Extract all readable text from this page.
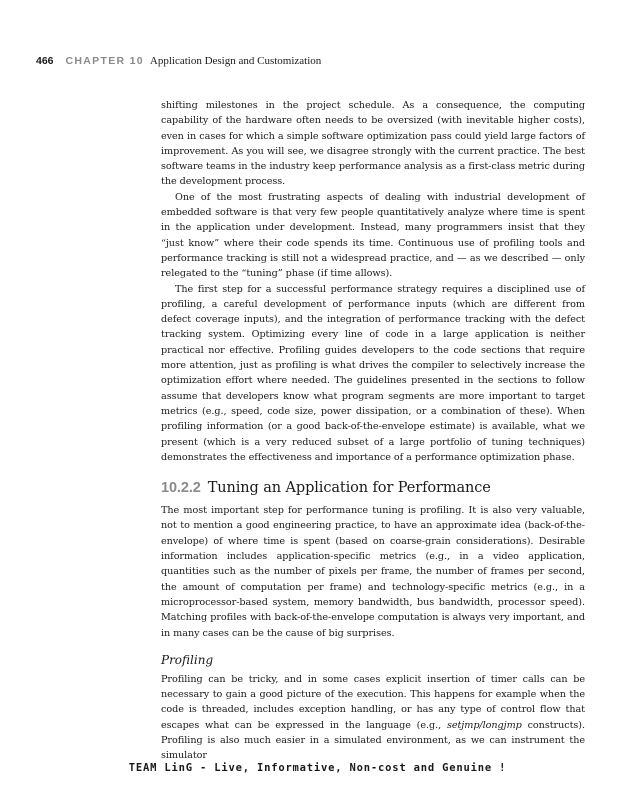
466 CHAPTER 10 Application Design and Customization

shifting milestones in the project schedule. As a consequence, the computing capability of the hardware often needs to be oversized (with inevitable higher costs), even in cases for which a simple software optimization pass could yield large factors of improvement. As you will see, we disagree strongly with the current practice. The best software teams in the industry keep performance analysis as a first-class metric during the development process.

One of the most frustrating aspects of dealing with industrial development of embedded software is that very few people quantitatively analyze where time is spent in the application under development. Instead, many programmers insist that they “just know” where their code spends its time. Continuous use of profiling tools and performance tracking is still not a widespread practice, and — as we described — only relegated to the “tuning” phase (if time allows).

The first step for a successful performance strategy requires a disciplined use of profiling, a careful development of performance inputs (which are different from defect coverage inputs), and the integration of performance tracking with the defect tracking system. Optimizing every line of code in a large application is neither practical nor effective. Profiling guides developers to the code sections that require more attention, just as profiling is what drives the compiler to selectively increase the optimization effort where needed. The guidelines presented in the sections to follow assume that developers know what program segments are more important to target metrics (e.g., speed, code size, power dissipation, or a combination of these). When profiling information (or a good back-of-the-envelope estimate) is available, what we present (which is a very reduced subset of a large portfolio of tuning techniques) demonstrates the effectiveness and importance of a performance optimization phase.

10.2.2 Tuning an Application for Performance

The most important step for performance tuning is profiling. It is also very valuable, not to mention a good engineering practice, to have an approximate idea (back-of-the-envelope) of where time is spent (based on coarse-grain considerations). Desirable information includes application-specific metrics (e.g., in a video application, quantities such as the number of pixels per frame, the number of frames per second, the amount of computation per frame) and technology-specific metrics (e.g., in a microprocessor-based system, memory bandwidth, bus bandwidth, processor speed). Matching profiles with back-of-the-envelope computation is always very important, and in many cases can be the cause of big surprises.

Profiling

Profiling can be tricky, and in some cases explicit insertion of timer calls can be necessary to gain a good picture of the execution. This happens for example when the code is threaded, includes exception handling, or has any type of control flow that escapes what can be expressed in the language (e.g., setjmp/longjmp constructs). Profiling is also much easier in a simulated environment, as we can instrument the simulator

TEAM LinG - Live, Informative, Non-cost and Genuine !
